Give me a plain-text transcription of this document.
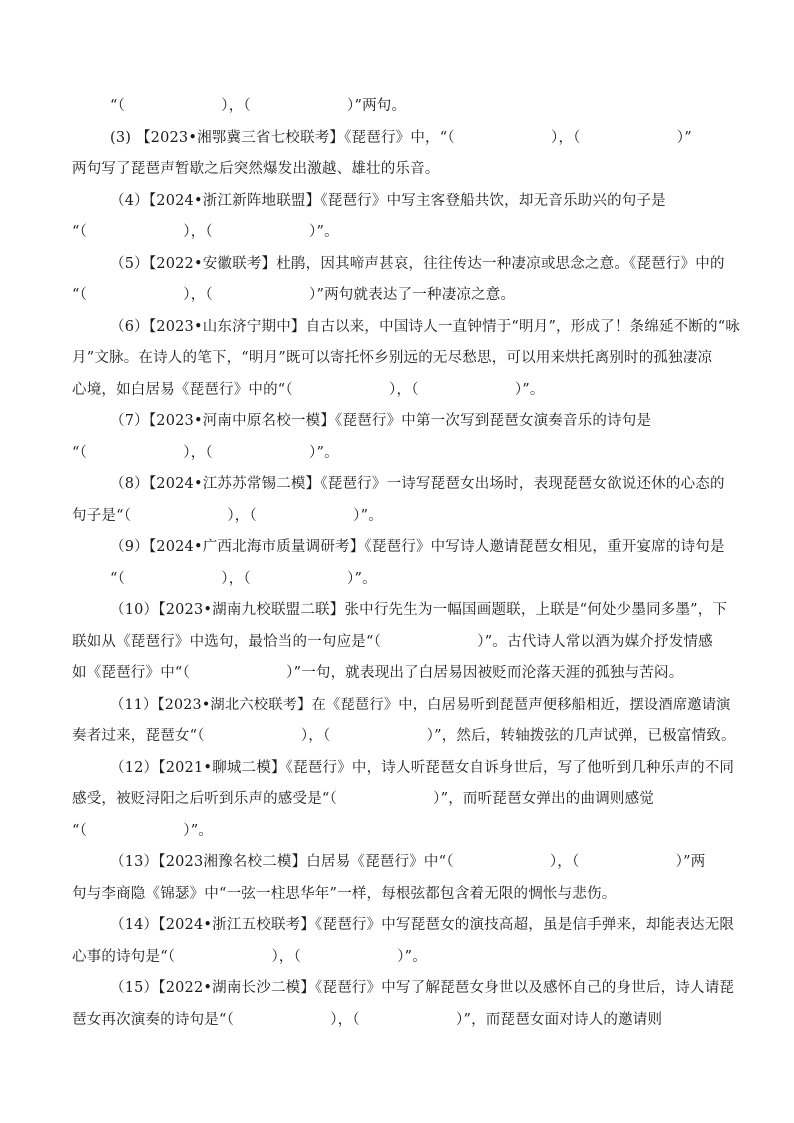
“（                    ），（                    ）”两句。
(3) 【2023•湘鄂冀三省七校联考】《琵琶行》中，“（                    ），（                    ）”
两句写了琵琶声暂歇之后突然爆发出激越、雄壮的乐音。
（4）【2024•浙江新阵地联盟】《琵琶行》中写主客登船共饮，却无音乐助兴的句子是
“（                    ），（                    ）”。
（5）【2022•安徽联考】杜鹃，因其啼声甚哀，往往传达一种凄凉或思念之意。《琵琶行》中的
“（                    ），（                    ）”两句就表达了一种凄凉之意。
（6）【2023•山东济宁期中】自古以来，中国诗人一直钟情于“明月”，形成了！条绵延不断的“咏
月”文脉。在诗人的笔下，“明月”既可以寄托怀乡别远的无尽愁思，可以用来烘托离别时的孤独凄凉
心境，如白居易《琵琶行》中的“（                    ），（                    ）”。
（7）【2023•河南中原名校一模】《琵琶行》中第一次写到琵琶女演奏音乐的诗句是
“（                    ），（                    ）”。
（8）【2024•江苏苏常锡二模】《琵琶行》一诗写琵琶女出场时，表现琵琶女欲说还休的心态的
句子是“（                    ），（                    ）”。
（9）【2024•广西北海市质量调研考】《琵琶行》中写诗人邀请琵琶女相见，重开宴席的诗句是
“（                    ），（                    ）”。
（10）【2023•湖南九校联盟二联】张中行先生为一幅国画题联，上联是“何处少墨同多墨”，下
联如从《琵琶行》中选句，最恰当的一句应是“（                    ）”。古代诗人常以酒为媒介抒发情感
如《琵琶行》中“（                    ）”一句，就表现出了白居易因被贬而沦落天涯的孤独与苦闷。
（11）【2023•湖北六校联考】在《琵琶行》中，白居易听到琵琶声便移船相近，摆设酒席邀请演
奏者过来，琵琶女“（                    ），（                    ）”，然后，转轴拨弦的几声试弹，已极富情致。
（12）【2021•聊城二模】《琵琶行》中，诗人听琵琶女自诉身世后，写了他听到几种乐声的不同
感受，被贬浔阳之后听到乐声的感受是“（                    ）”，而听琵琶女弹出的曲调则感觉
“（                    ）”。
（13）【2023湘豫名校二模】白居易《琵琶行》中“（                    ），（                    ）”两
句与李商隐《锦瑟》中“一弦一柱思华年”一样，每根弦都包含着无限的惆怅与悲伤。
（14）【2024•浙江五校联考】《琵琶行》中写琵琶女的演技高超，虽是信手弹来，却能表达无限
心事的诗句是“（                    ），（                    ）”。
（15）【2022•湖南长沙二模】《琵琶行》中写了解琵琶女身世以及感怀自己的身世后，诗人请琵
琶女再次演奏的诗句是“（                    ），（                    ）”，而琵琶女面对诗人的邀请则
